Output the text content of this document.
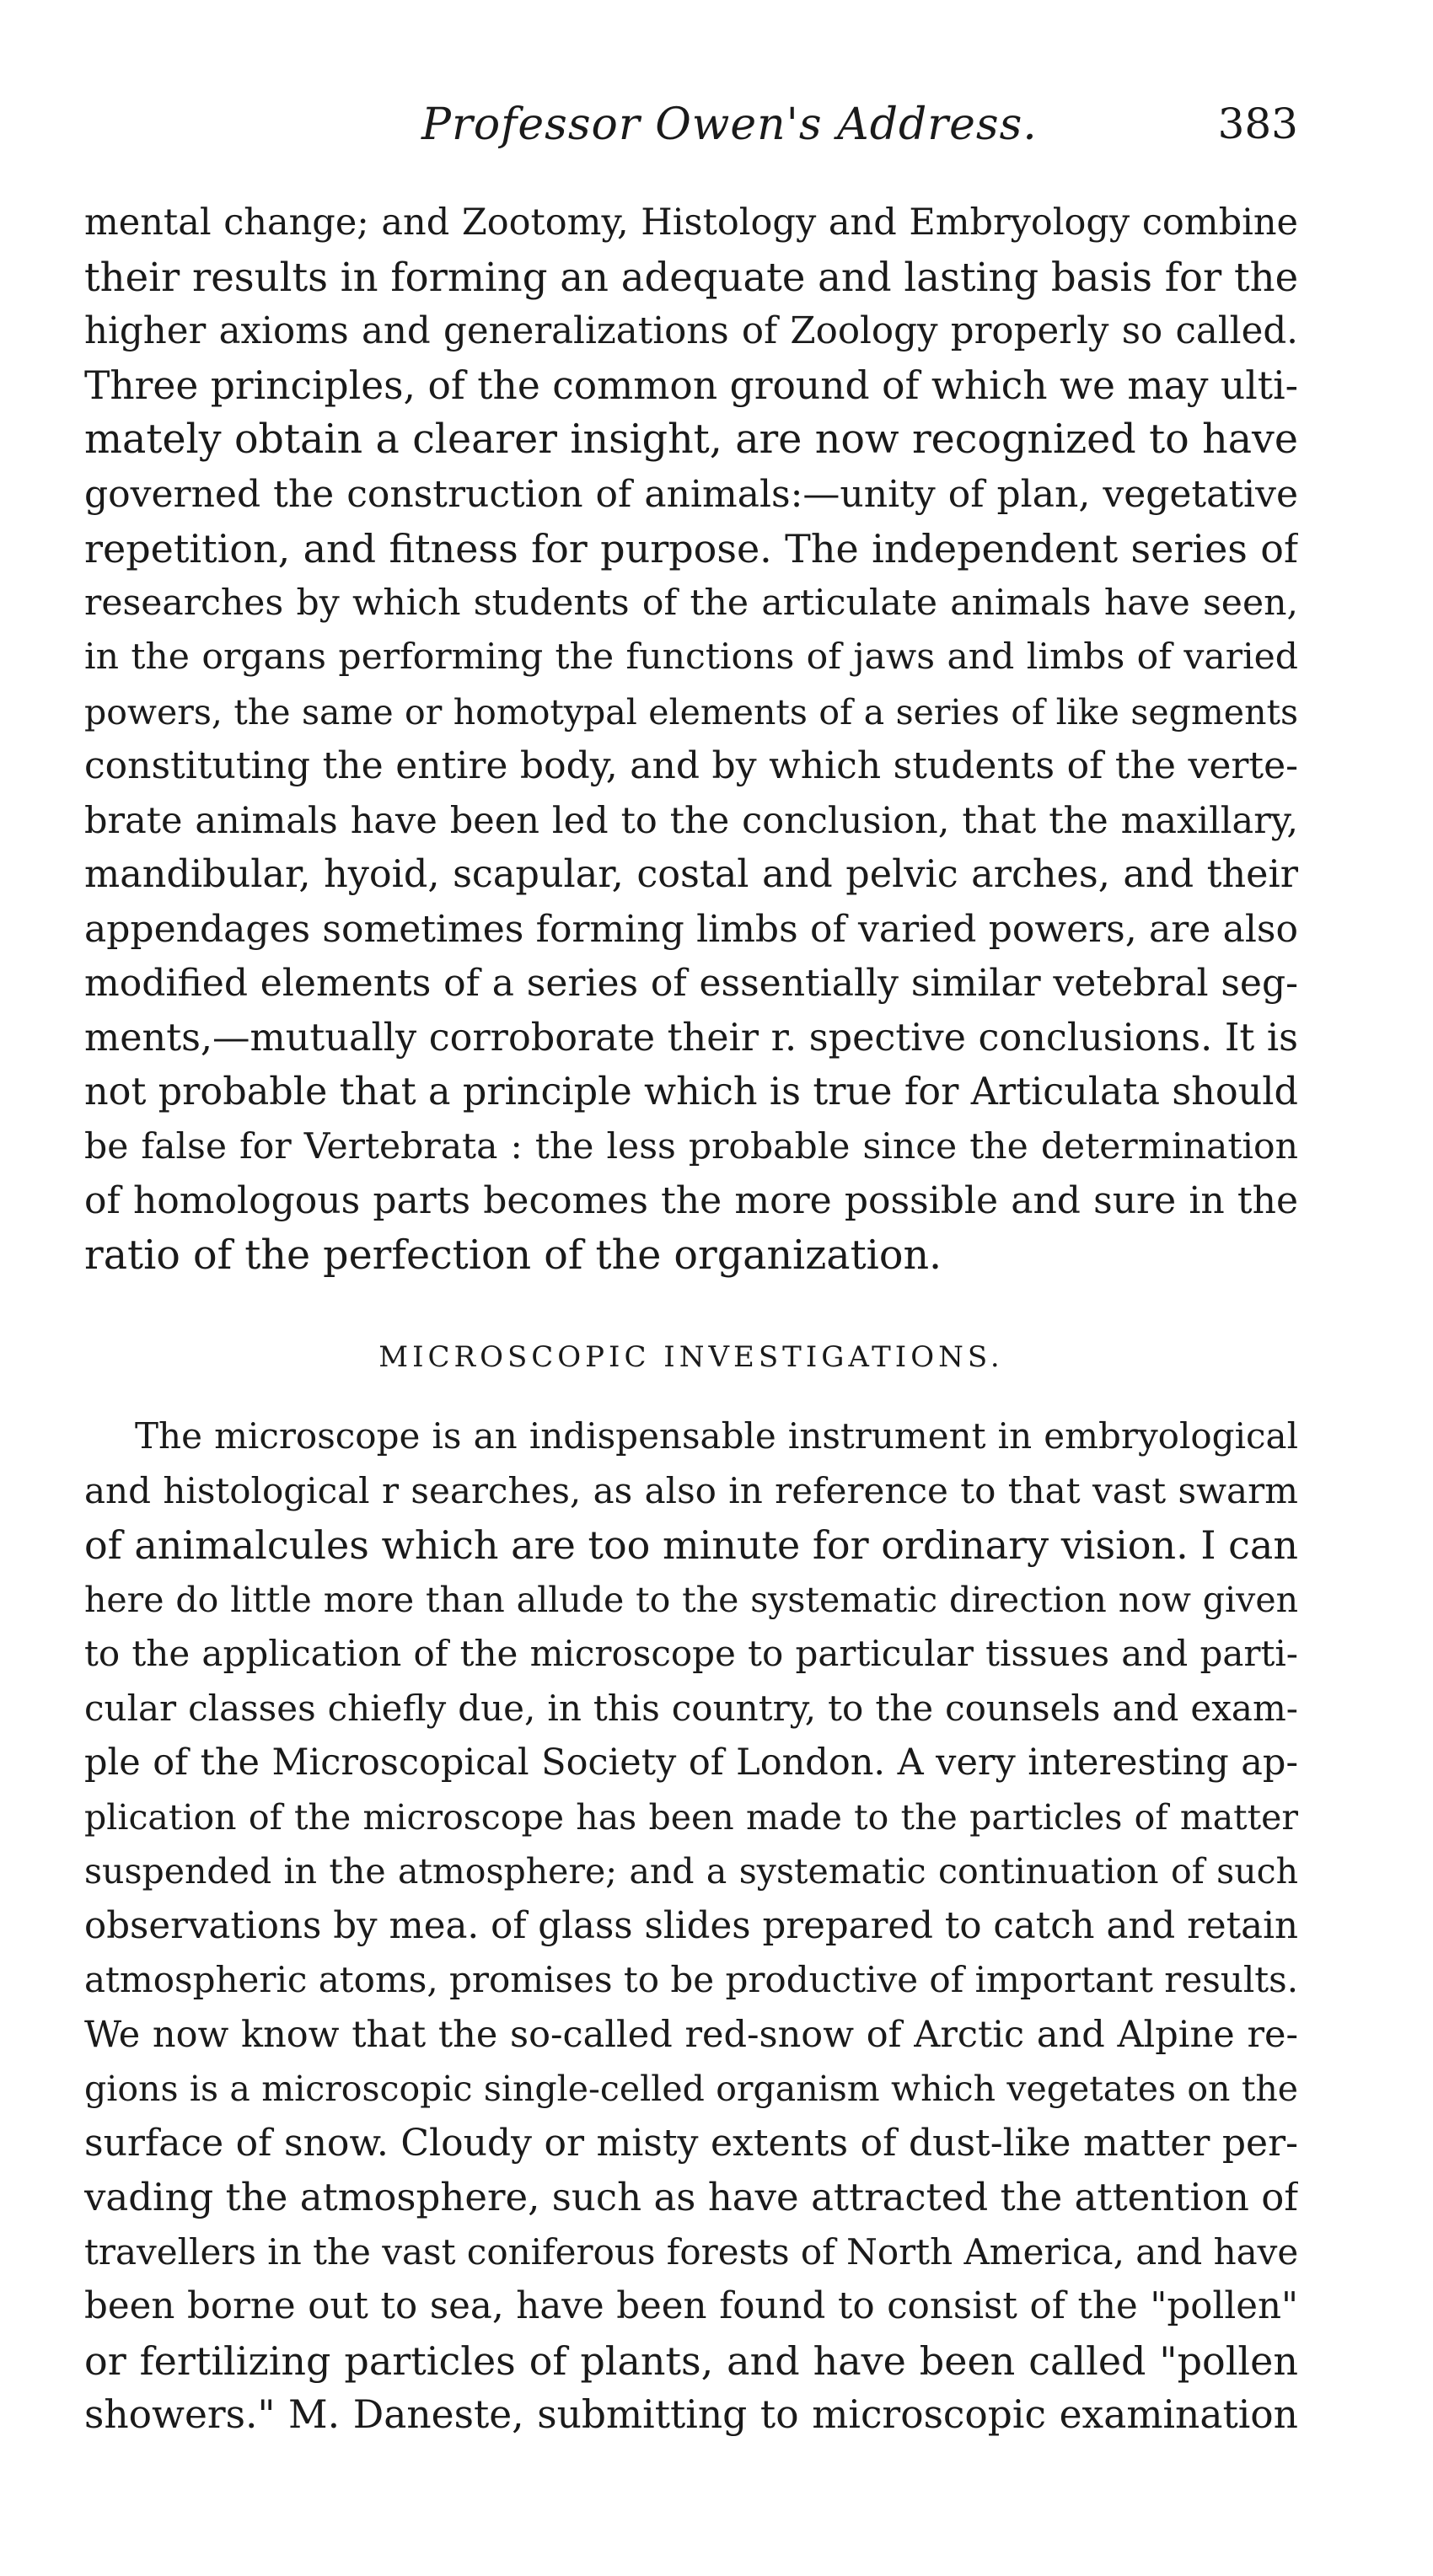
Professor Owen's Address.	383
mental change; and Zootomy, Histology and Embryology combine
their results in forming an adequate and lasting basis for the
higher axioms and generalizations of Zoology properly so called.
Three principles, of the common ground of which we may ulti-
mately obtain a clearer insight, are now recognized to have
governed the construction of animals:—unity of plan, vegetative
repetition, and fitness for purpose. The independent series of
researches by which students of the articulate animals have seen,
in the organs performing the functions of jaws and limbs of varied
powers, the same or homotypal elements of a series of like segments
constituting the entire body, and by which students of the verte-
brate animals have been led to the conclusion, that the maxillary,
mandibular, hyoid, scapular, costal and pelvic arches, and their
appendages sometimes forming limbs of varied powers, are also
modified elements of a series of essentially similar vetebral seg-
ments,—mutually corroborate their r. spective conclusions. It is
not probable that a principle which is true for Articulata should
be false for Vertebrata : the less probable since the determination
of homologous parts becomes the more possible and sure in the
ratio of the perfection of the organization.
MICROSCOPIC INVESTIGATIONS.
The microscope is an indispensable instrument in embryological
and histological r searches, as also in reference to that vast swarm
of animalcules which are too minute for ordinary vision. I can
here do little more than allude to the systematic direction now given
to the application of the microscope to particular tissues and parti-
cular classes chiefly due, in this country, to the counsels and exam-
ple of the Microscopical Society of London. A very interesting ap-
plication of the microscope has been made to the particles of matter
suspended in the atmosphere; and a systematic continuation of such
observations by mea. of glass slides prepared to catch and retain
atmospheric atoms, promises to be productive of important results.
We now know that the so-called red-snow of Arctic and Alpine re-
gions is a microscopic single-celled organism which vegetates on the
surface of snow. Cloudy or misty extents of dust-like matter per-
vading the atmosphere, such as have attracted the attention of
travellers in the vast coniferous forests of North America, and have
been borne out to sea, have been found to consist of the "pollen"
or fertilizing particles of plants, and have been called "pollen
showers." M. Daneste, submitting to microscopic examination
